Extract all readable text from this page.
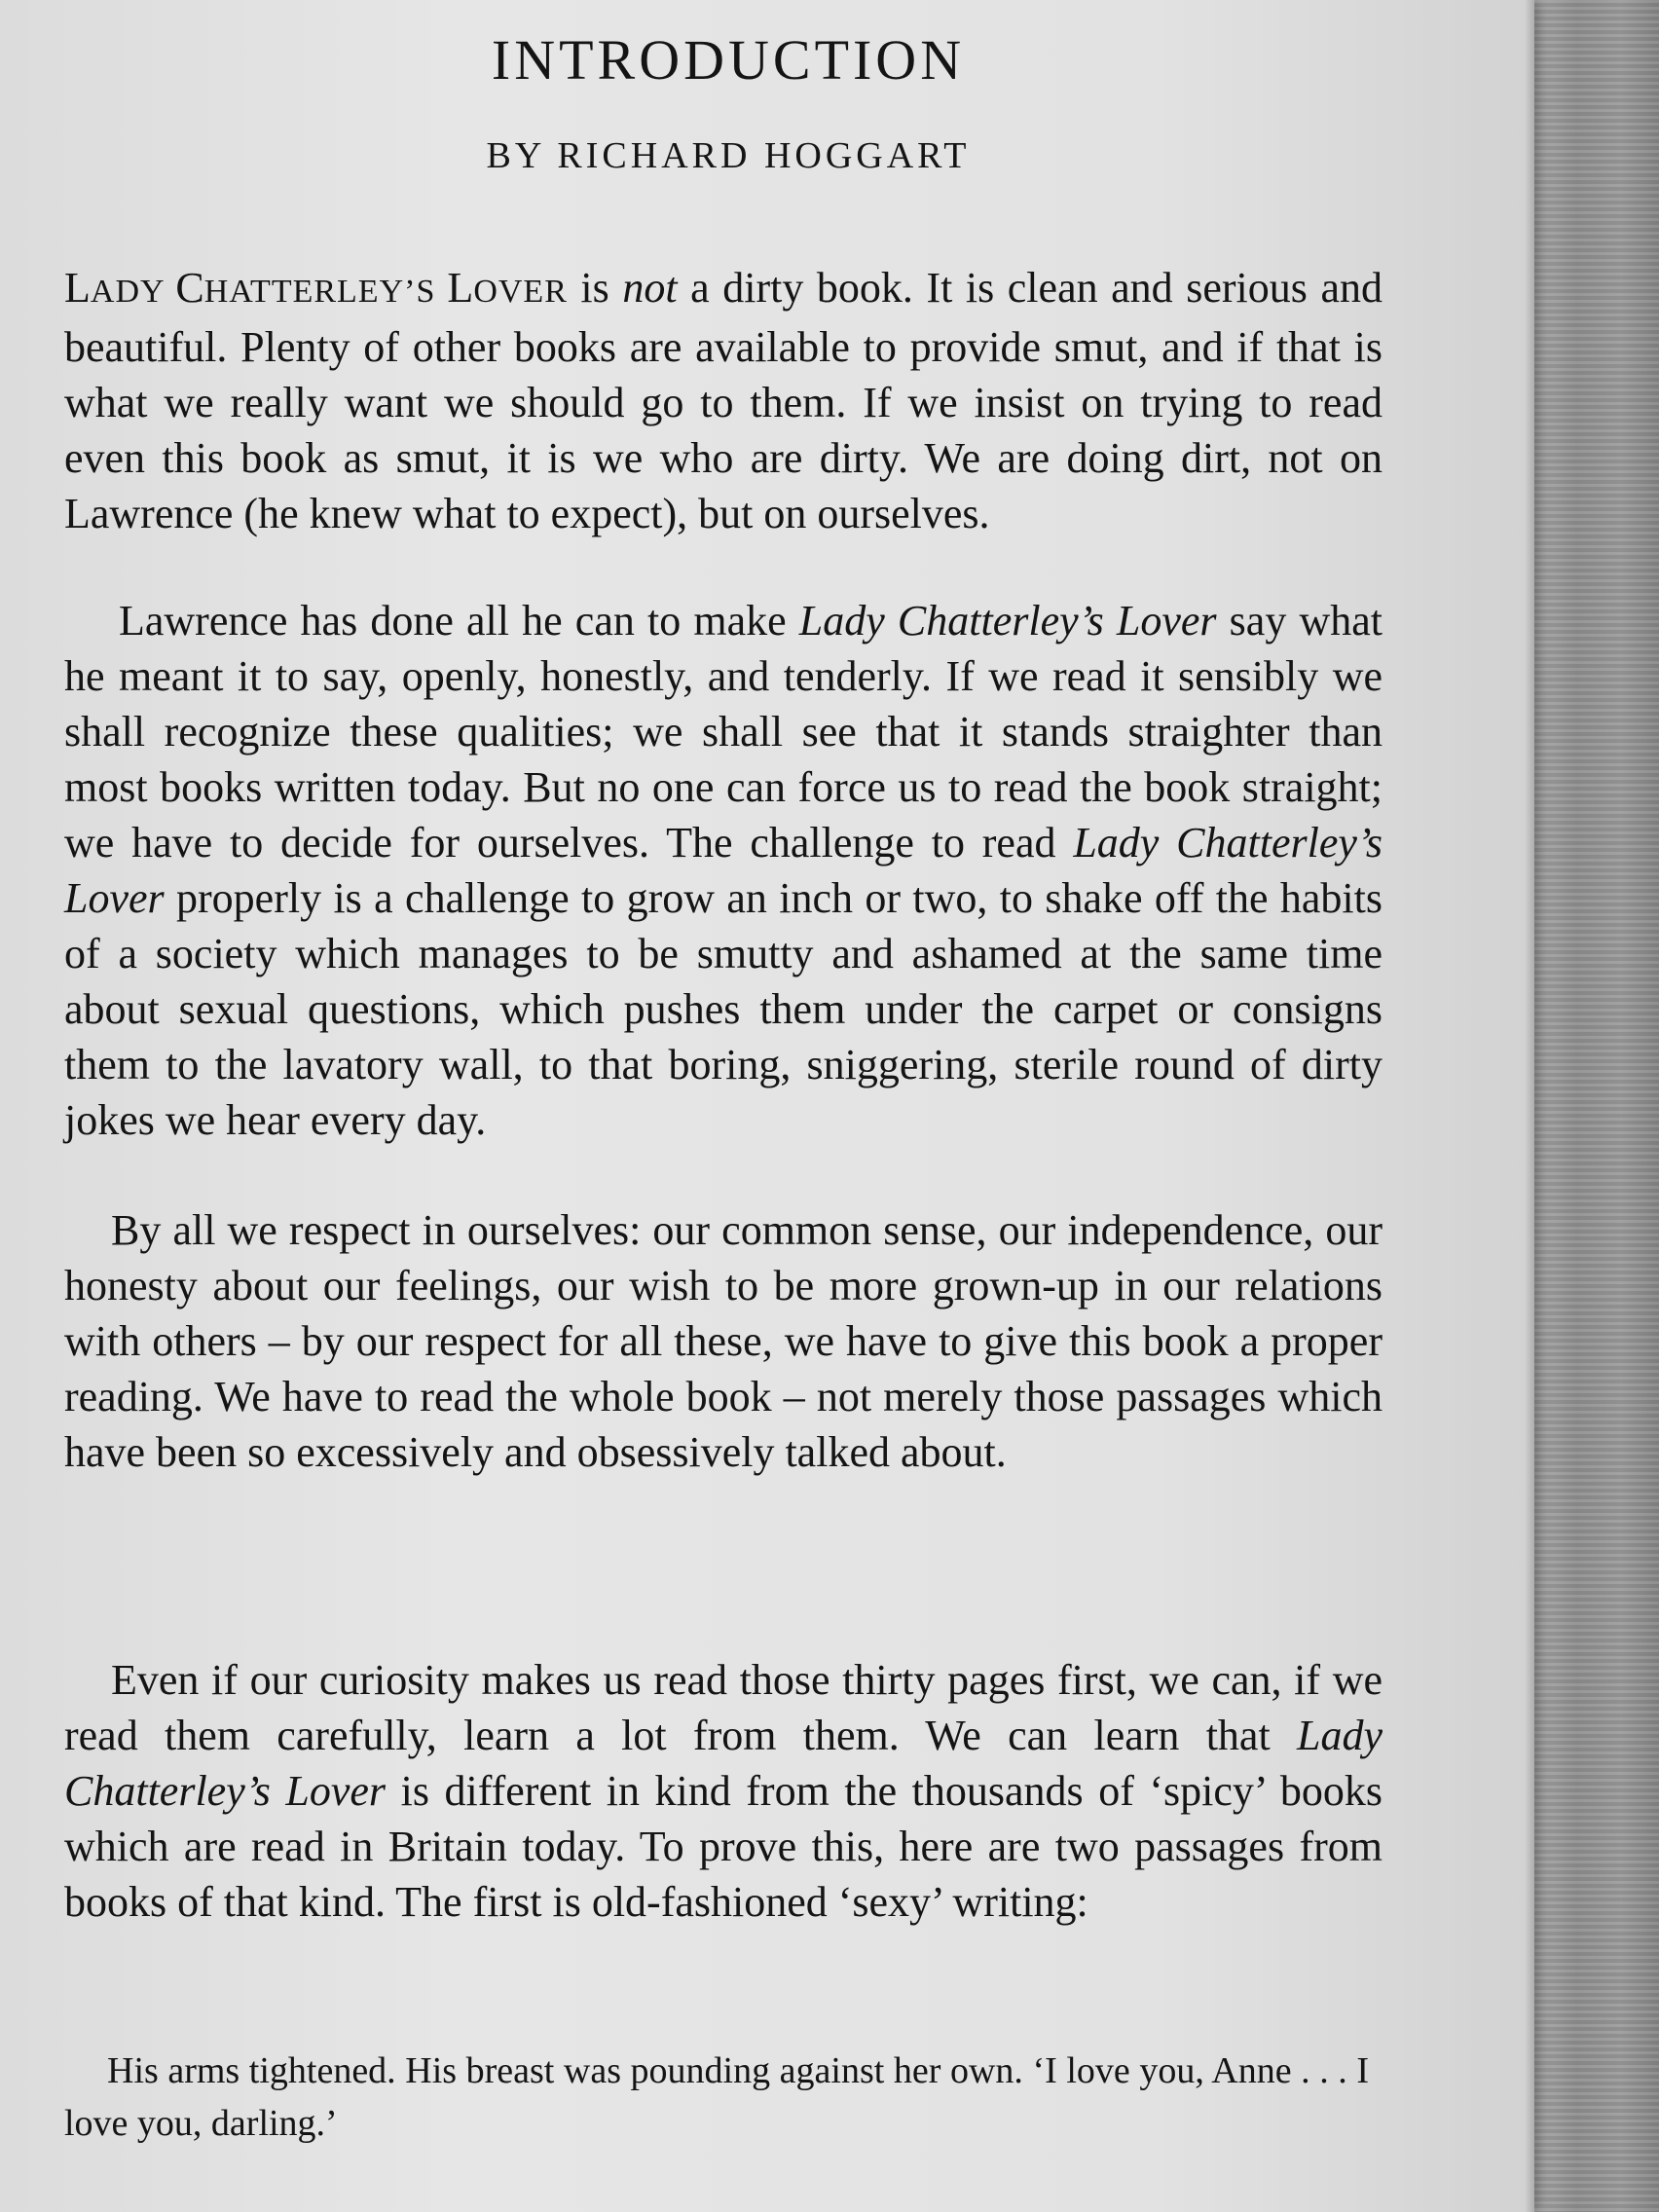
INTRODUCTION
BY RICHARD HOGGART

LADY CHATTERLEY’S LOVER is not a dirty book. It is clean and serious and beautiful. Plenty of other books are available to provide smut, and if that is what we really want we should go to them. If we insist on trying to read even this book as smut, it is we who are dirty. We are doing dirt, not on Lawrence (he knew what to expect), but on ourselves.

Lawrence has done all he can to make Lady Chatterley’s Lover say what he meant it to say, openly, honestly, and tenderly. If we read it sensibly we shall recognize these qualities; we shall see that it stands straighter than most books written today. But no one can force us to read the book straight; we have to decide for ourselves. The challenge to read Lady Chatterley’s Lover properly is a challenge to grow an inch or two, to shake off the habits of a society which manages to be smutty and ashamed at the same time about sexual questions, which pushes them under the carpet or consigns them to the lavatory wall, to that boring, sniggering, sterile round of dirty jokes we hear every day.

By all we respect in ourselves: our common sense, our independence, our honesty about our feelings, our wish to be more grown-up in our relations with others – by our respect for all these, we have to give this book a proper reading. We have to read the whole book – not merely those passages which have been so excessively and obsessively talked about.

Even if our curiosity makes us read those thirty pages first, we can, if we read them carefully, learn a lot from them. We can learn that Lady Chatterley’s Lover is different in kind from the thousands of ‘spicy’ books which are read in Britain today. To prove this, here are two passages from books of that kind. The first is old-fashioned ‘sexy’ writing:

His arms tightened. His breast was pounding against her own. ‘I love you, Anne . . . I love you, darling.’
